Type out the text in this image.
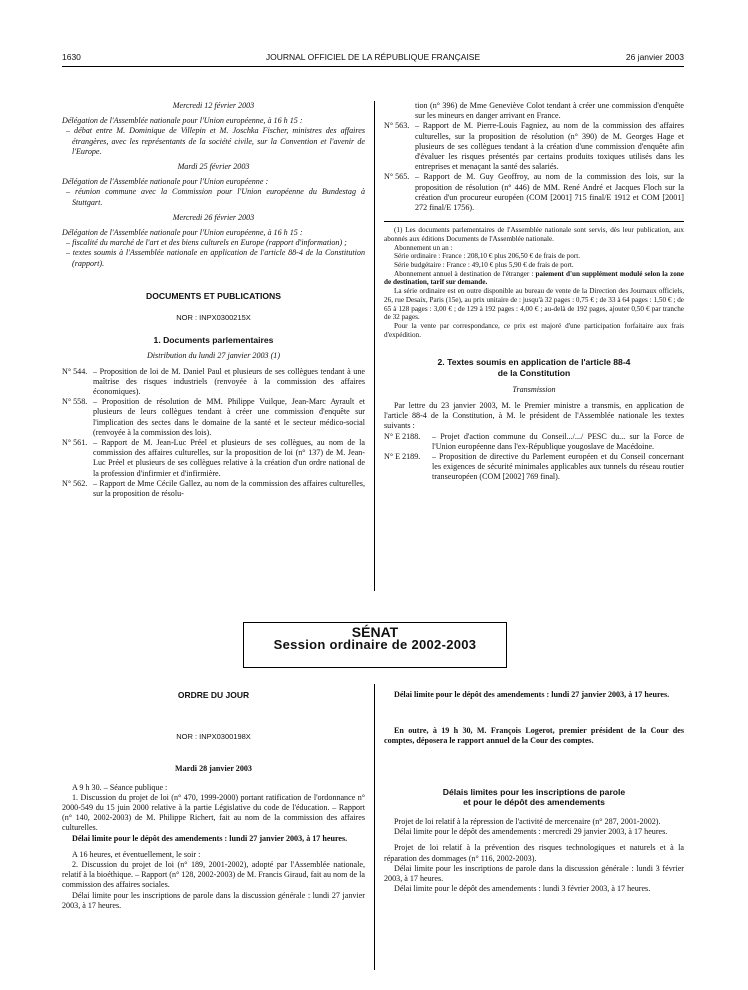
1630	JOURNAL OFFICIEL DE LA RÉPUBLIQUE FRANÇAISE	26 janvier 2003

Mercredi 12 février 2003

Délégation de l'Assemblée nationale pour l'Union européenne, à 16 h 15 :

– débat entre M. Dominique de Villepin et M. Joschka Fischer, ministres des affaires étrangères, avec les représentants de la société civile, sur la Convention et l'avenir de l'Europe.

Mardi 25 février 2003

Délégation de l'Assemblée nationale pour l'Union européenne :

– réunion commune avec la Commission pour l'Union européenne du Bundestag à Stuttgart.

Mercredi 26 février 2003

Délégation de l'Assemblée nationale pour l'Union européenne, à 16 h 15 :

– fiscalité du marché de l'art et des biens culturels en Europe (rapport d'information) ;

– textes soumis à l'Assemblée nationale en application de l'article 88-4 de la Constitution (rapport).

DOCUMENTS ET PUBLICATIONS

NOR : INPX0300215X

1. Documents parlementaires

Distribution du lundi 27 janvier 2003 (1)

N° 544. – Proposition de loi de M. Daniel Paul et plusieurs de ses collègues tendant à une maîtrise des risques industriels (renvoyée à la commission des affaires économiques).
N° 558. – Proposition de résolution de MM. Philippe Vuilque, Jean-Marc Ayrault et plusieurs de leurs collègues tendant à créer une commission d'enquête sur l'implication des sectes dans le domaine de la santé et le secteur médico-social (renvoyée à la commission des lois).
N° 561. – Rapport de M. Jean-Luc Préel et plusieurs de ses collègues, au nom de la commission des affaires culturelles, sur la proposition de loi (n° 137) de M. Jean-Luc Préel et plusieurs de ses collègues relative à la création d'un ordre national de la profession d'infirmier et d'infirmière.
N° 562. – Rapport de Mme Cécile Gallez, au nom de la commission des affaires culturelles, sur la proposition de résolu-

tion (n° 396) de Mme Geneviève Colot tendant à créer une commission d'enquête sur les mineurs en danger arrivant en France.

N° 563. – Rapport de M. Pierre-Louis Fagniez, au nom de la commission des affaires culturelles, sur la proposition de résolution (n° 390) de M. Georges Hage et plusieurs de ses collègues tendant à la création d'une commission d'enquête afin d'évaluer les risques présentés par certains produits toxiques utilisés dans les entreprises et menaçant la santé des salariés.
N° 565. – Rapport de M. Guy Geoffroy, au nom de la commission des lois, sur la proposition de résolution (n° 446) de MM. René André et Jacques Floch sur la création d'un procureur européen (COM [2001] 715 final/E 1912 et COM [2001] 272 final/E 1756).

(1) Les documents parlementaires de l'Assemblée nationale sont servis, dès leur publication, aux abonnés aux éditions Documents de l'Assemblée nationale.

Abonnement un an :

Série ordinaire : France : 208,10 € plus 206,50 € de frais de port.

Série budgétaire : France : 49,10 € plus 5,90 € de frais de port.

Abonnement annuel à destination de l'étranger : paiement d'un supplément modulé selon la zone de destination, tarif sur demande.

La série ordinaire est en outre disponible au bureau de vente de la Direction des Journaux officiels, 26, rue Desaix, Paris (15e), au prix unitaire de : jusqu'à 32 pages : 0,75 € ; de 33 à 64 pages : 1,50 € ; de 65 à 128 pages : 3,00 € ; de 129 à 192 pages : 4,00 € ; au-delà de 192 pages, ajouter 0,50 € par tranche de 32 pages.

Pour la vente par correspondance, ce prix est majoré d'une participation forfaitaire aux frais d'expédition.

2. Textes soumis en application de l'article 88-4

de la Constitution

Transmission

Par lettre du 23 janvier 2003, M. le Premier ministre a transmis, en application de l'article 88-4 de la Constitution, à M. le président de l'Assemblée nationale les textes suivants :

N° E 2188.	– Projet d'action commune du Conseil.../.../ PESC du... sur la Force de l'Union européenne dans l'ex-République yougoslave de Macédoine.
N° E 2189.	– Proposition de directive du Parlement européen et du Conseil concernant les exigences de sécurité minimales applicables aux tunnels du réseau routier transeuropéen (COM [2002] 769 final).
SÉNAT
Session ordinaire de 2002-2003

ORDRE DU JOUR

NOR : INPX0300198X

Mardi 28 janvier 2003

A 9 h 30. – Séance publique :

1. Discussion du projet de loi (n° 470, 1999-2000) portant ratification de l'ordonnance n° 2000-549 du 15 juin 2000 relative à la partie Législative du code de l'éducation. – Rapport (n° 140, 2002-2003) de M. Philippe Richert, fait au nom de la commission des affaires culturelles.

Délai limite pour le dépôt des amendements : lundi 27 janvier 2003, à 17 heures.

A 16 heures, et éventuellement, le soir :

2. Discussion du projet de loi (n° 189, 2001-2002), adopté par l'Assemblée nationale, relatif à la bioéthique. – Rapport (n° 128, 2002-2003) de M. Francis Giraud, fait au nom de la commission des affaires sociales.

Délai limite pour les inscriptions de parole dans la discussion générale : lundi 27 janvier 2003, à 17 heures.

Délai limite pour le dépôt des amendements : lundi 27 janvier 2003, à 17 heures.

En outre, à 19 h 30, M. François Logerot, premier président de la Cour des comptes, déposera le rapport annuel de la Cour des comptes.

Délais limites pour les inscriptions de parole

et pour le dépôt des amendements

Projet de loi relatif à la répression de l'activité de mercenaire (n° 287, 2001-2002).

Délai limite pour le dépôt des amendements : mercredi 29 janvier 2003, à 17 heures.

Projet de loi relatif à la prévention des risques technologiques et naturels et à la réparation des dommages (n° 116, 2002-2003).

Délai limite pour les inscriptions de parole dans la discussion générale : lundi 3 février 2003, à 17 heures.

Délai limite pour le dépôt des amendements : lundi 3 février 2003, à 17 heures.
